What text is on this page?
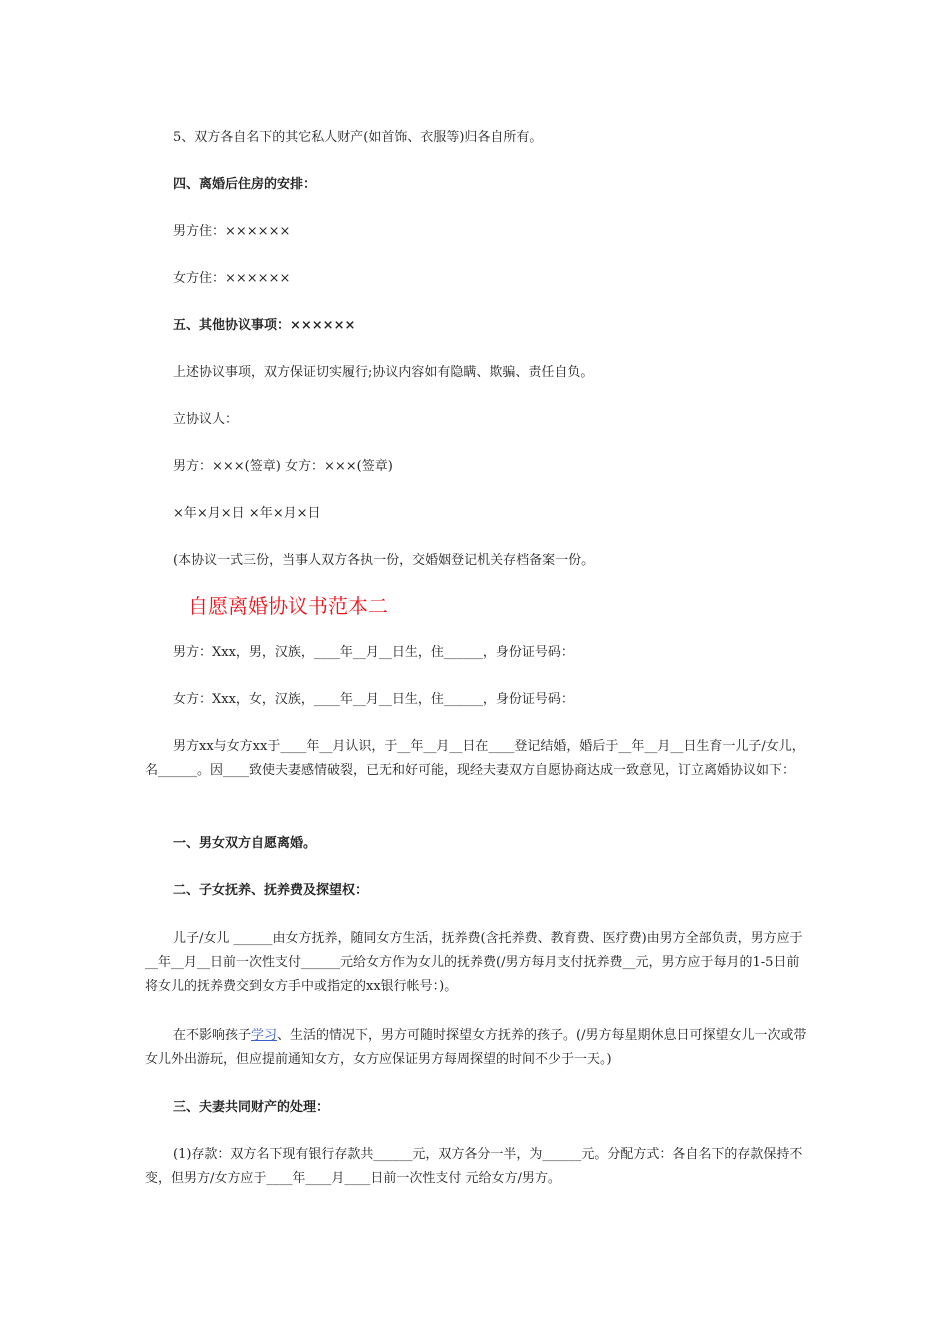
5、双方各自名下的其它私人财产(如首饰、衣服等)归各自所有。
四、离婚后住房的安排：
男方住：××××××
女方住：××××××
五、其他协议事项：××××××
上述协议事项，双方保证切实履行;协议内容如有隐瞒、欺骗、责任自负。
立协议人：
男方：×××(签章) 女方：×××(签章)
×年×月×日 ×年×月×日
(本协议一式三份，当事人双方各执一份，交婚姻登记机关存档备案一份。
自愿离婚协议书范本二
男方：Xxx，男，汉族，____年__月__日生，住______，身份证号码：
女方：Xxx，女，汉族，____年__月__日生，住______，身份证号码：
男方xx与女方xx于____年__月认识，于__年__月__日在____登记结婚，婚后于__年__月__日生育一儿子/女儿，名______。因____致使夫妻感情破裂，已无和好可能，现经夫妻双方自愿协商达成一致意见，订立离婚协议如下：
一、男女双方自愿离婚。
二、子女抚养、抚养费及探望权：
儿子/女儿 ______由女方抚养，随同女方生活，抚养费(含托养费、教育费、医疗费)由男方全部负责，男方应于__年__月__日前一次性支付______元给女方作为女儿的抚养费(/男方每月支付抚养费__元，男方应于每月的1-5日前将女儿的抚养费交到女方手中或指定的xx银行帐号：)。
在不影响孩子学习、生活的情况下，男方可随时探望女方抚养的孩子。(/男方每星期休息日可探望女儿一次或带女儿外出游玩，但应提前通知女方，女方应保证男方每周探望的时间不少于一天。)
三、夫妻共同财产的处理：
(1)存款：双方名下现有银行存款共______元，双方各分一半，为______元。分配方式：各自名下的存款保持不变，但男方/女方应于____年____月____日前一次性支付 元给女方/男方。
